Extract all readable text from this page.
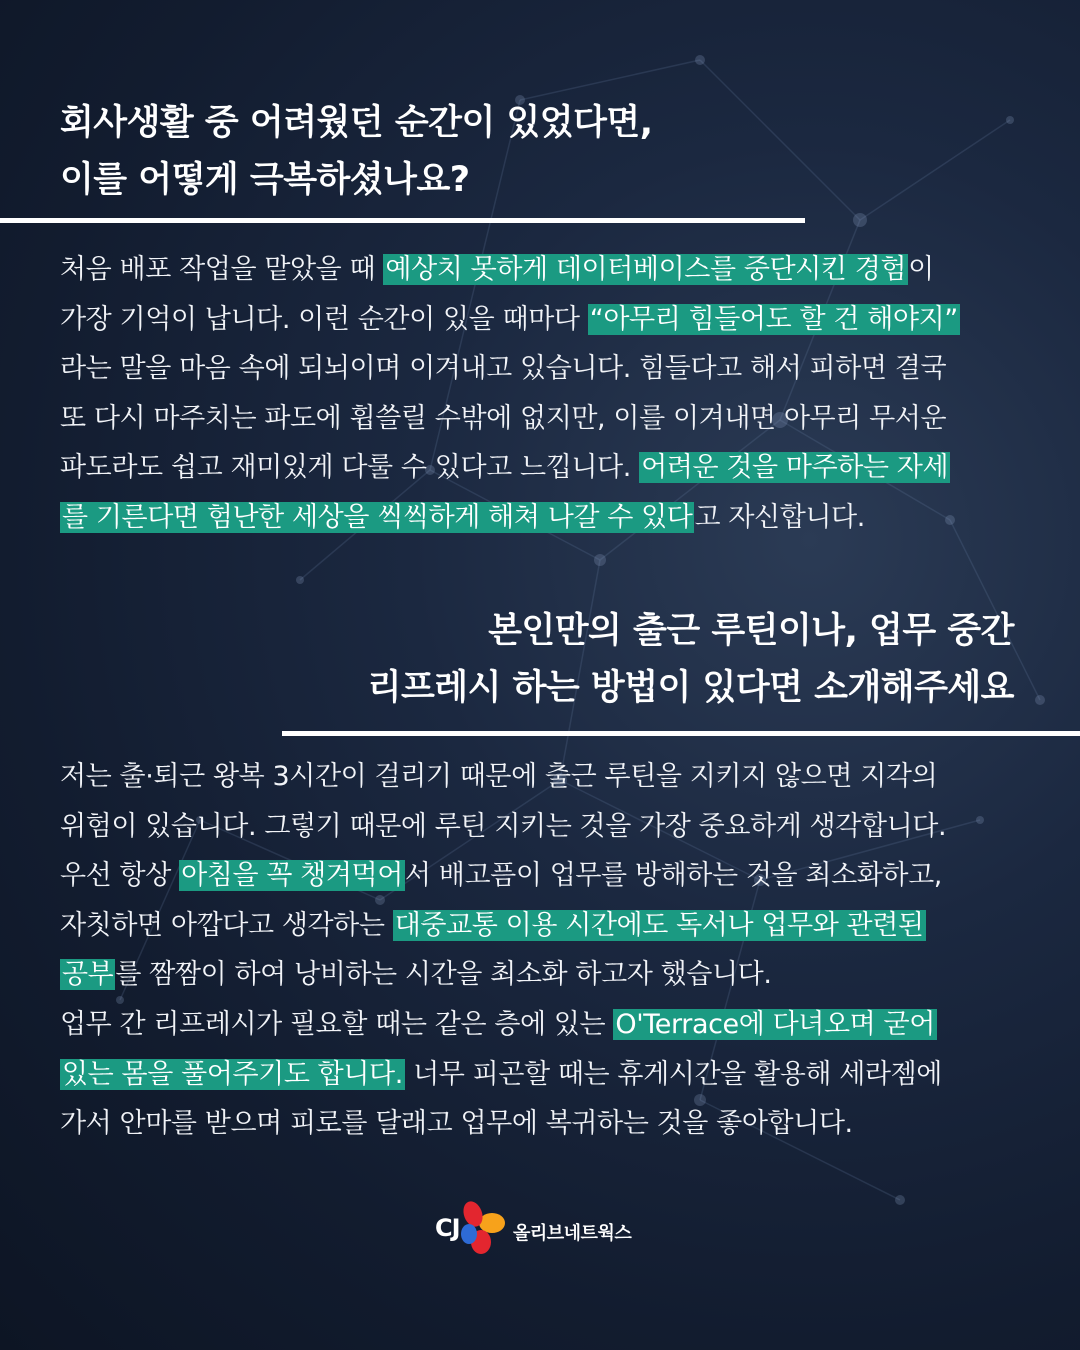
회사생활 중 어려웠던 순간이 있었다면,
이를 어떻게 극복하셨나요?

처음 배포 작업을 맡았을 때 예상치 못하게 데이터베이스를 중단시킨 경험이
가장 기억이 납니다. 이런 순간이 있을 때마다 “아무리 힘들어도 할 건 해야지”
라는 말을 마음 속에 되뇌이며 이겨내고 있습니다. 힘들다고 해서 피하면 결국
또 다시 마주치는 파도에 휩쓸릴 수밖에 없지만, 이를 이겨내면 아무리 무서운
파도라도 쉽고 재미있게 다룰 수 있다고 느낍니다. 어려운 것을 마주하는 자세
를 기른다면 험난한 세상을 씩씩하게 해쳐 나갈 수 있다고 자신합니다.

본인만의 출근 루틴이나, 업무 중간
리프레시 하는 방법이 있다면 소개해주세요

저는 출·퇴근 왕복 3시간이 걸리기 때문에 출근 루틴을 지키지 않으면 지각의
위험이 있습니다. 그렇기 때문에 루틴 지키는 것을 가장 중요하게 생각합니다.
우선 항상 아침을 꼭 챙겨먹어서 배고픔이 업무를 방해하는 것을 최소화하고,
자칫하면 아깝다고 생각하는 대중교통 이용 시간에도 독서나 업무와 관련된
공부를 짬짬이 하여 낭비하는 시간을 최소화 하고자 했습니다.
업무 간 리프레시가 필요할 때는 같은 층에 있는 O'Terrace에 다녀오며 굳어
있는 몸을 풀어주기도 합니다. 너무 피곤할 때는 휴게시간을 활용해 세라젬에
가서 안마를 받으며 피로를 달래고 업무에 복귀하는 것을 좋아합니다.

CJ	올리브네트웍스
